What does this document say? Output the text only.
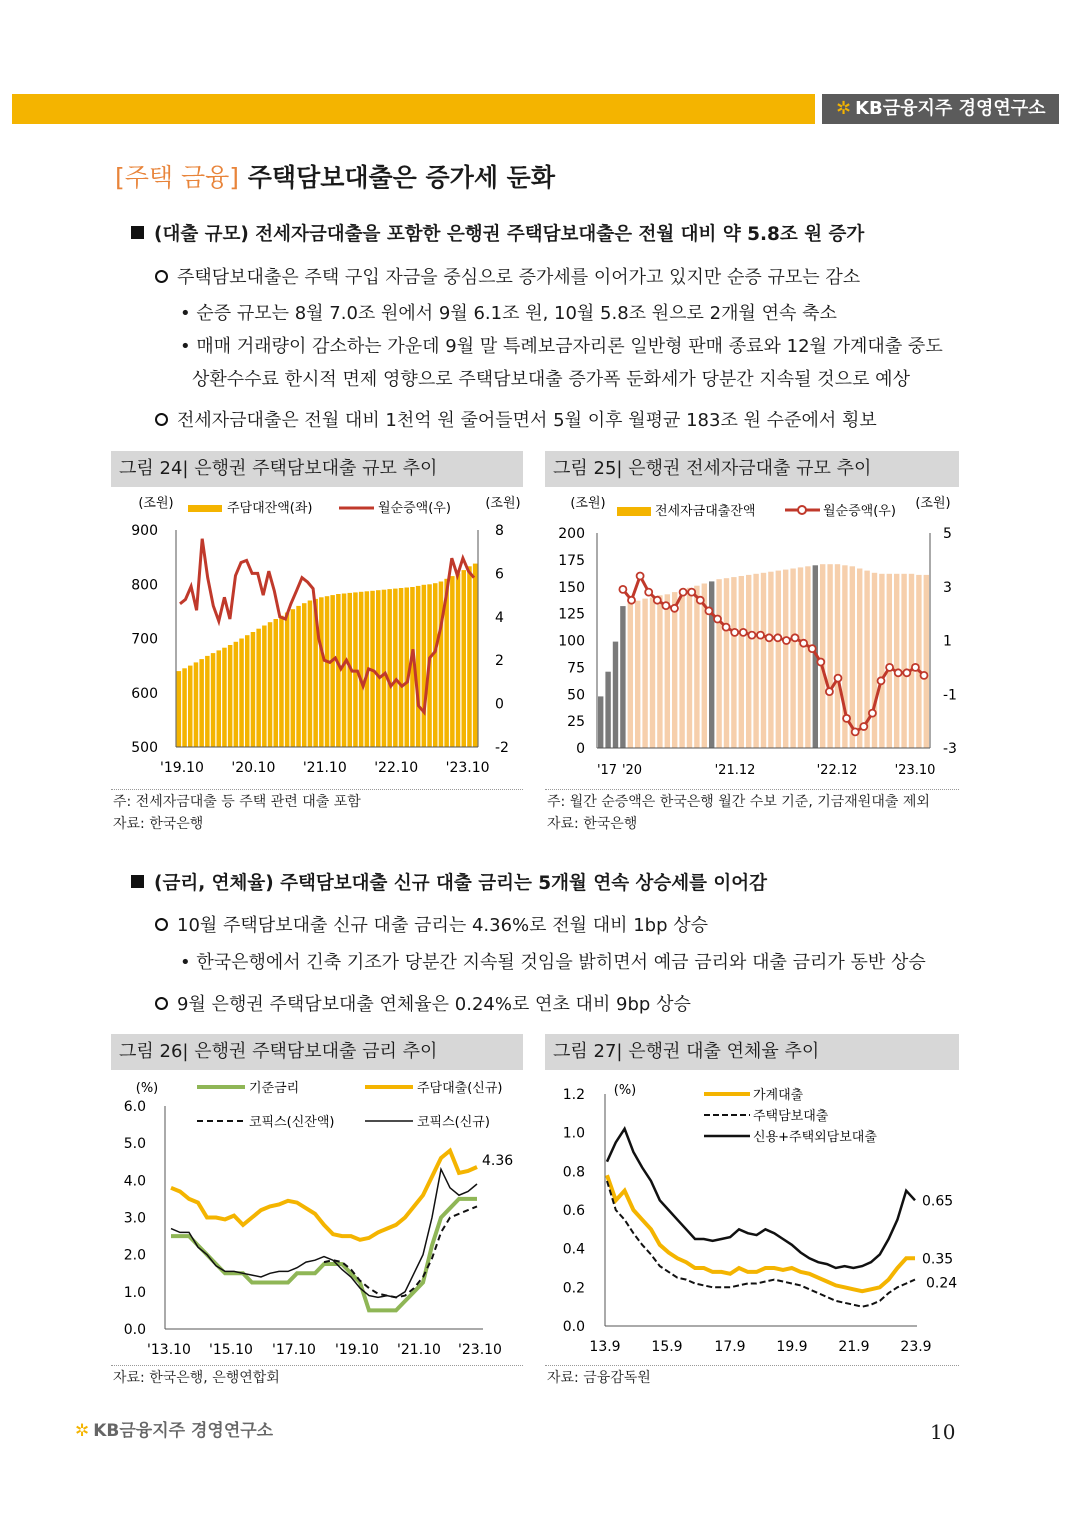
✲ KB금융지주 경영연구소
[주택 금융] 주택담보대출은 증가세 둔화
(대출 규모) 전세자금대출을 포함한 은행권 주택담보대출은 전월 대비 약 5.8조 원 증가
주택담보대출은 주택 구입 자금을 중심으로 증가세를 이어가고 있지만 순증 규모는 감소
• 순증 규모는 8월 7.0조 원에서 9월 6.1조 원, 10월 5.8조 원으로 2개월 연속 축소
• 매매 거래량이 감소하는 가운데 9월 말 특례보금자리론 일반형 판매 종료와 12월 가계대출 중도
상환수수료 한시적 면제 영향으로 주택담보대출 증가폭 둔화세가 당분간 지속될 것으로 예상
전세자금대출은 전월 대비 1천억 원 줄어들면서 5월 이후 월평균 183조 원 수준에서 횡보
그림 24| 은행권 주택담보대출 규모 추이
(조원)	(조원)
주담대잔액(좌)	월순증액(우)
900
800
700
600
500
8
6
4
2
0
-2
'19.10 '20.10 '21.10 '22.10 '23.10
주: 전세자금대출 등 주택 관련 대출 포함
자료: 한국은행
그림 25| 은행권 전세자금대출 규모 추이
(조원)	(조원)
전세자금대출잔액	월순증액(우)
200
175
150
125
100
75
50
25
0
5
3
1
-1
-3
'17 '20	'21.12	'22.12	'23.10
주: 월간 순증액은 한국은행 월간 수보 기준, 기금재원대출 제외
자료: 한국은행
(금리, 연체율) 주택담보대출 신규 대출 금리는 5개월 연속 상승세를 이어감
10월 주택담보대출 신규 대출 금리는 4.36%로 전월 대비 1bp 상승
• 한국은행에서 긴축 기조가 당분간 지속될 것임을 밝히면서 예금 금리와 대출 금리가 동반 상승
9월 은행권 주택담보대출 연체율은 0.24%로 연초 대비 9bp 상승
그림 26| 은행권 주택담보대출 금리 추이
(%)	기준금리	주담대출(신규)
코픽스(신잔액)	코픽스(신규)
6.0
5.0
4.0
3.0
2.0
1.0
0.0
4.36
'13.10 '15.10 '17.10 '19.10 '21.10 '23.10
자료: 한국은행, 은행연합회
그림 27| 은행권 대출 연체율 추이
(%)	가계대출
주택담보대출
신용+주택외담보대출
1.2
1.0
0.8
0.6
0.4
0.2
0.0
0.65
0.35
0.24
13.9 15.9 17.9 19.9 21.9 23.9
자료: 금융감독원
✲ KB금융지주 경영연구소	10
